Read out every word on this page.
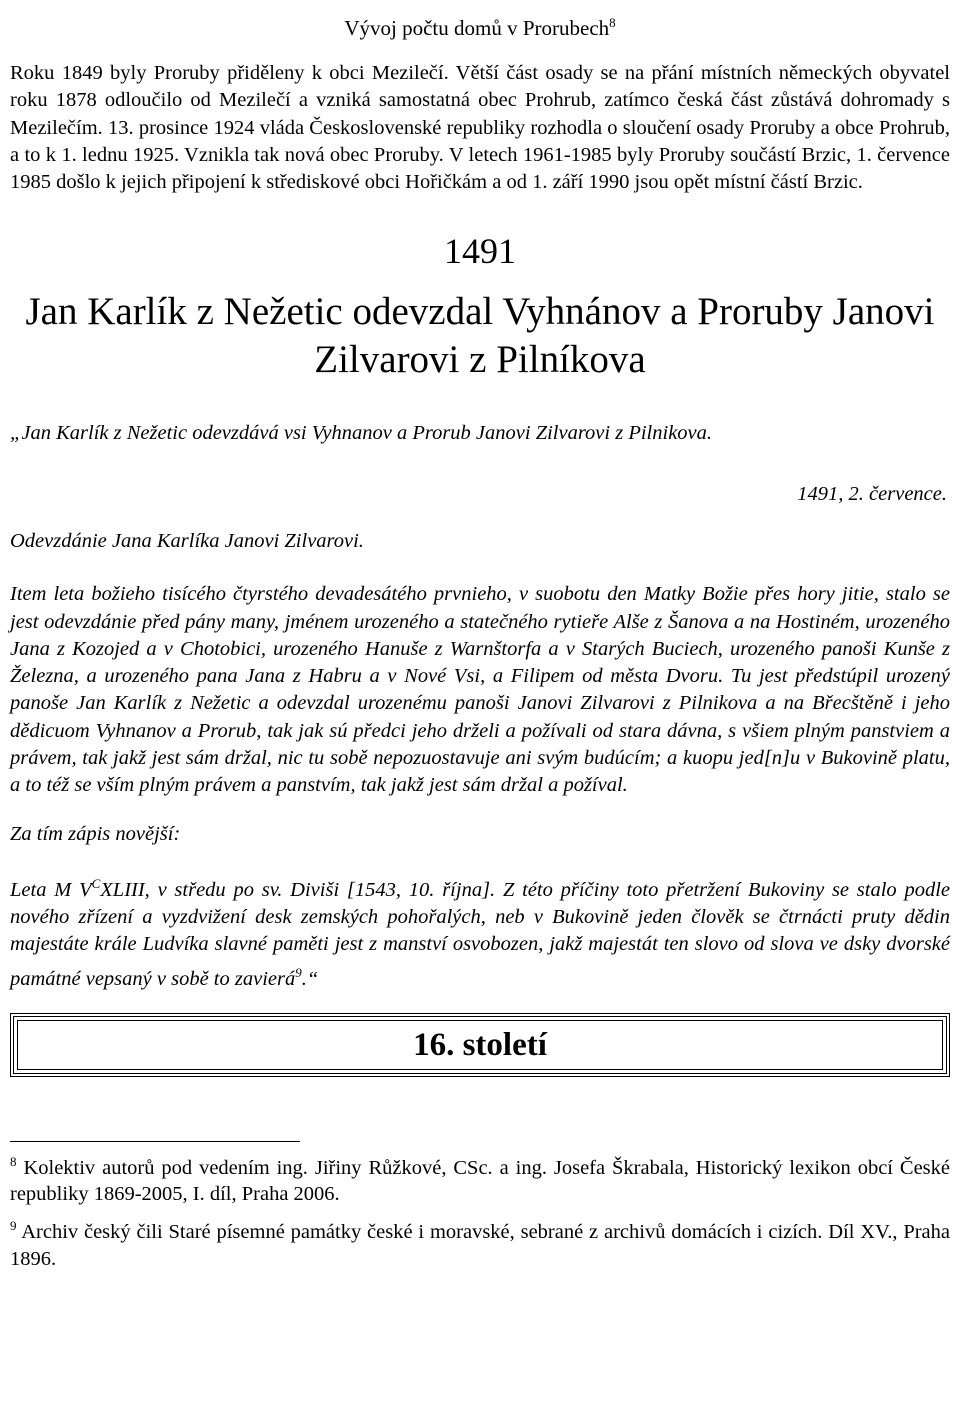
Vývoj počtu domů v Prorubech$^8$
Roku 1849 byly Proruby přiděleny k obci Mezilečí. Větší část osady se na přání místních německých obyvatel roku 1878 odloučilo od Mezilečí a vzniká samostatná obec Prohrub, zatímco česká část zůstává dohromady s Mezilečím. 13. prosince 1924 vláda Československé republiky rozhodla o sloučení osady Proruby a obce Prohrub, a to k 1. lednu 1925. Vznikla tak nová obec Proruby. V letech 1961-1985 byly Proruby součástí Brzic, 1. července 1985 došlo k jejich připojení k střediskové obci Hořičkám a od 1. září 1990 jsou opět místní částí Brzic.
1491
Jan Karlík z Nežetic odevzdal Vyhnánov a Proruby Janovi Zilvarovi z Pilníkova
„Jan Karlík z Nežetic odevzdává vsi Vyhnanov a Prorub Janovi Zilvarovi z Pilnikova.
1491, 2. července.
Odevzdánie Jana Karlíka Janovi Zilvarovi.
Item leta božieho tisícého čtyrstého devadesátého prvnieho, v suobotu den Matky Božie přes hory jitie, stalo se jest odevzdánie před pány many, jménem urozeného a statečného rytieře Alše z Šanova a na Hostiném, urozeného Jana z Kozojed a v Chotobici, urozeného Hanuše z Warnštorfa a v Starých Buciech, urozeného panoši Kunše z Železna, a urozeného pana Jana z Habru a v Nové Vsi, a Filipem od města Dvoru. Tu jest předstúpil urozený panoše Jan Karlík z Nežetic a odevzdal urozenému panoši Janovi Zilvarovi z Pilnikova a na Břecštěně i jeho dědicuom Vyhnanov a Prorub, tak jak sú předci jeho drželi a požívali od stara dávna, s všiem plným panstviem a právem, tak jakž jest sám držal, nic tu sobě nepozuostavuje ani svým budúcím; a kuopu jed[n]u v Bukovině platu, a to též se vším plným právem a panstvím, tak jakž jest sám držal a požíval.
Za tím zápis novější:
Leta M $V^CXLIII$, v středu po sv. Diviši [1543, 10. října]. Z této příčiny toto přetržení Bukoviny se stalo podle nového zřízení a vyzdvižení desk zemských pohořalých, neb v Bukovině jeden člověk se čtrnácti pruty dědin majestáte krále Ludvíka slavné paměti jest z manství osvobozen, jakž majestát ten slovo od slova ve dsky dvorské památné vepsaný v sobě to zavierá$^9$.“
16. století
$^8$ Kolektiv autorů pod vedením ing. Jiřiny Růžkové, CSc. a ing. Josefa Škrabala, Historický lexikon obcí České republiky 1869-2005, I. díl, Praha 2006.
$^9$ Archiv český čili Staré písemné památky české i moravské, sebrané z archivů domácích i cizích. Díl XV., Praha 1896.
